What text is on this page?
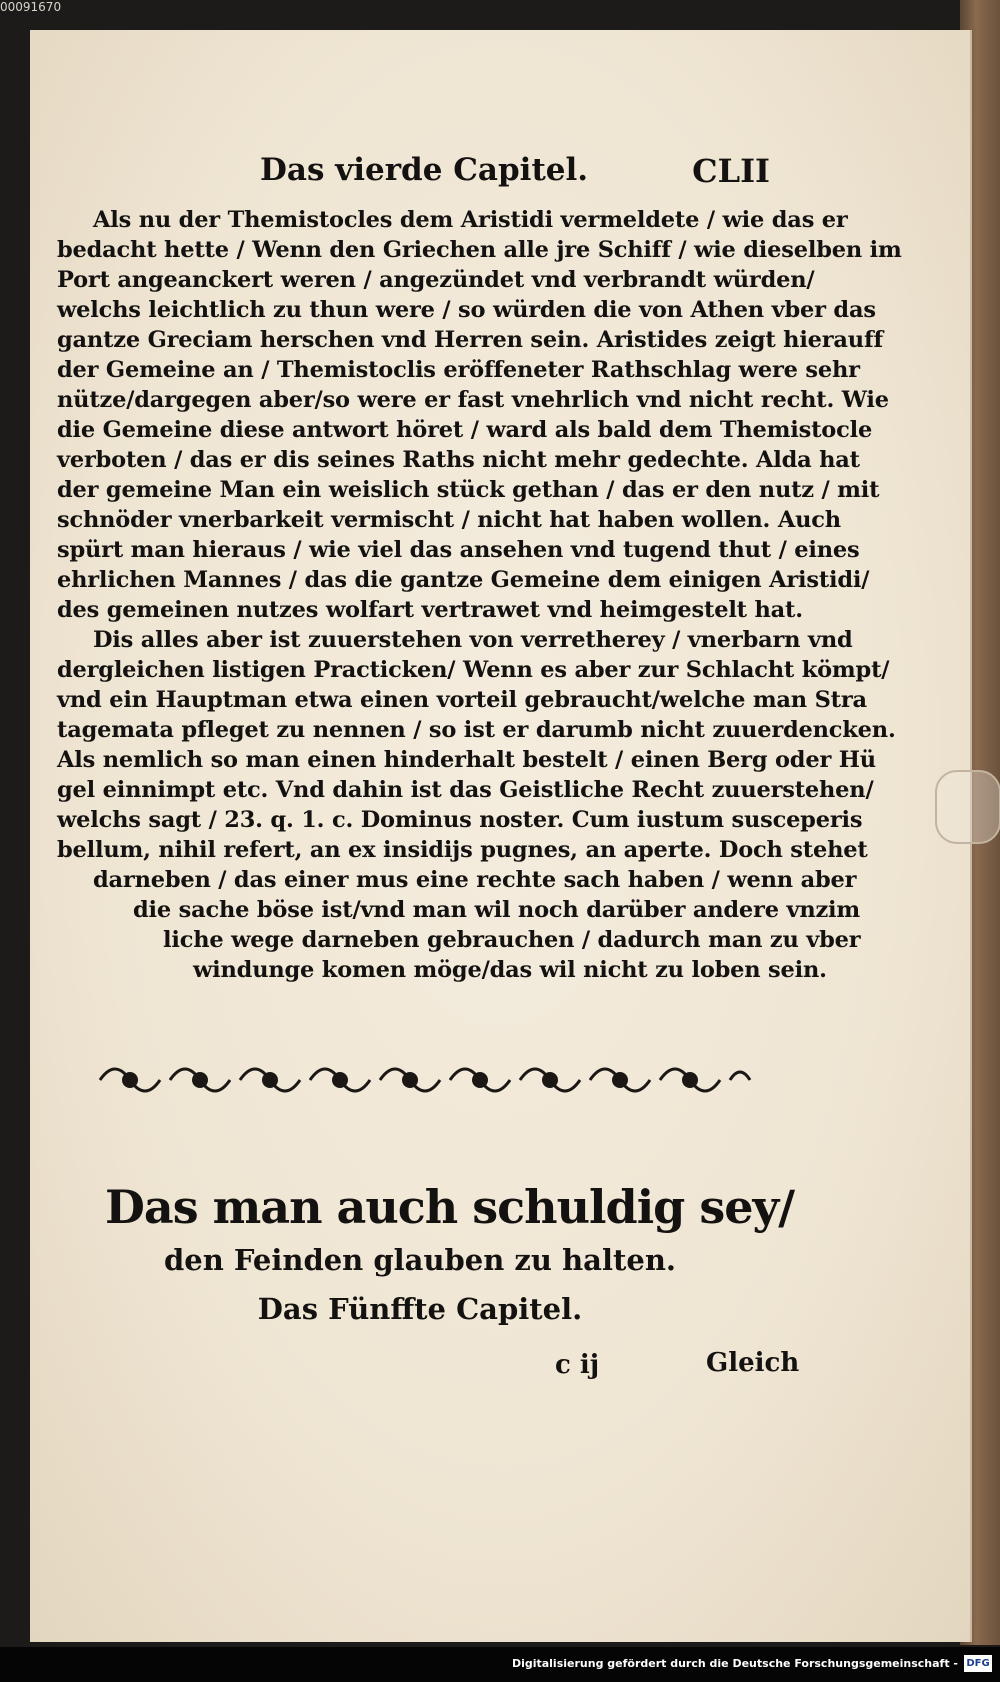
00091670
Das vierde Capitel.	CLII
Als nu der Themistocles dem Aristidi vermeldete / wie das er
bedacht hette / Wenn den Griechen alle jre Schiff / wie dieselben im
Port angeanckert weren / angezündet vnd verbrandt würden/
welchs leichtlich zu thun were / so würden die von Athen vber das
gantze Greciam herschen vnd Herren sein. Aristides zeigt hierauff
der Gemeine an / Themistoclis eröffeneter Rathschlag were sehr
nütze/dargegen aber/so were er fast vnehrlich vnd nicht recht. Wie
die Gemeine diese antwort höret / ward als bald dem Themistocle
verboten / das er dis seines Raths nicht mehr gedechte. Alda hat
der gemeine Man ein weislich stück gethan / das er den nutz / mit
schnöder vnerbarkeit vermischt / nicht hat haben wollen. Auch
spürt man hieraus / wie viel das ansehen vnd tugend thut / eines
ehrlichen Mannes / das die gantze Gemeine dem einigen Aristidi/
des gemeinen nutzes wolfart vertrawet vnd heimgestelt hat.
Dis alles aber ist zuuerstehen von verretherey / vnerbarn vnd
dergleichen listigen Practicken/ Wenn es aber zur Schlacht kömpt/
vnd ein Hauptman etwa einen vorteil gebraucht/welche man Stra
tagemata pfleget zu nennen / so ist er darumb nicht zuuerdencken.
Als nemlich so man einen hinderhalt bestelt / einen Berg oder Hü
gel einnimpt etc. Vnd dahin ist das Geistliche Recht zuuerstehen/
welchs sagt / 23. q. 1. c. Dominus noster. Cum iustum susceperis
bellum, nihil refert, an ex insidijs pugnes, an aperte. Doch stehet
darneben / das einer mus eine rechte sach haben / wenn aber
die sache böse ist/vnd man wil noch darüber andere vnzim
liche wege darneben gebrauchen / dadurch man zu vber
windunge komen möge/das wil nicht zu loben sein.
Das man auch schuldig sey/
den Feinden glauben zu halten.
Das Fünffte Capitel.
c ij	Gleich
Digitalisierung gefördert durch die Deutsche Forschungsgemeinschaft - DFG
